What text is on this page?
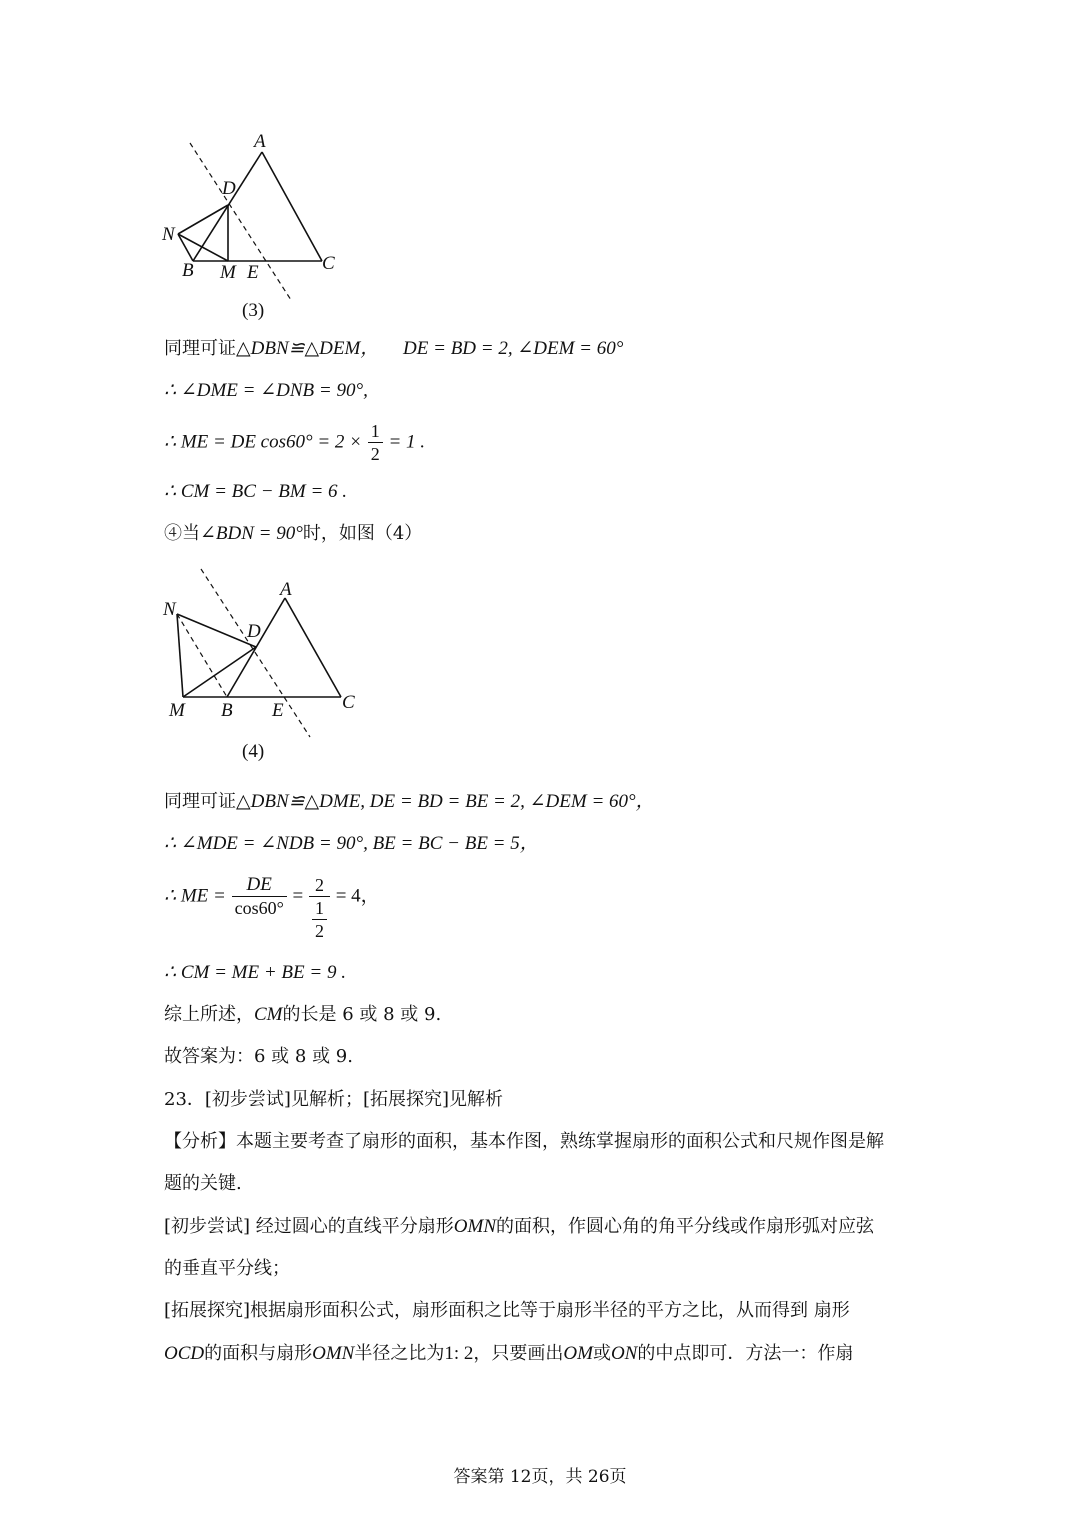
A
D
N
B M E	C
(3)
同理可证△DBN≌△DEM， DE = BD = 2, ∠DEM = 60°
∴ ∠DME = ∠DNB = 90°,
∴ ME = DE $\cos 60^\circ = 2 \times \frac{1}{2} = 1$ .
∴ CM = BC − BM = 6 .
④当∠BDN = 90°时，如图（4）
A
D
N
B
M	E	C
(4)
同理可证△DBN≌△DME, DE = BD = BE = 2, ∠DEM = 60°，
∴ ∠MDE = ∠NDB = 90°, BE = BC − BE = 5，
∴ ME = $\frac{DE}{\cos 60^\circ} = \frac{2}{\frac{1}{2}} = 4$，
∴ CM = ME + BE = 9 .
综上所述，CM的长是 6 或 8 或 9.
故答案为：6 或 8 或 9.
23．[初步尝试]见解析；[拓展探究]见解析
【分析】本题主要考查了扇形的面积，基本作图，熟练掌握扇形的面积公式和尺规作图是解
题的关键.
[初步尝试] 经过圆心的直线平分扇形OMN的面积，作圆心角的角平分线或作扇形弧对应弦
的垂直平分线；
[拓展探究]根据扇形面积公式，扇形面积之比等于扇形半径的平方之比，从而得到 扇形
OCD的面积与扇形OMN半径之比为1: 2，只要画出OM或ON的中点即可．方法一：作扇
答案第 12页，共 26页
